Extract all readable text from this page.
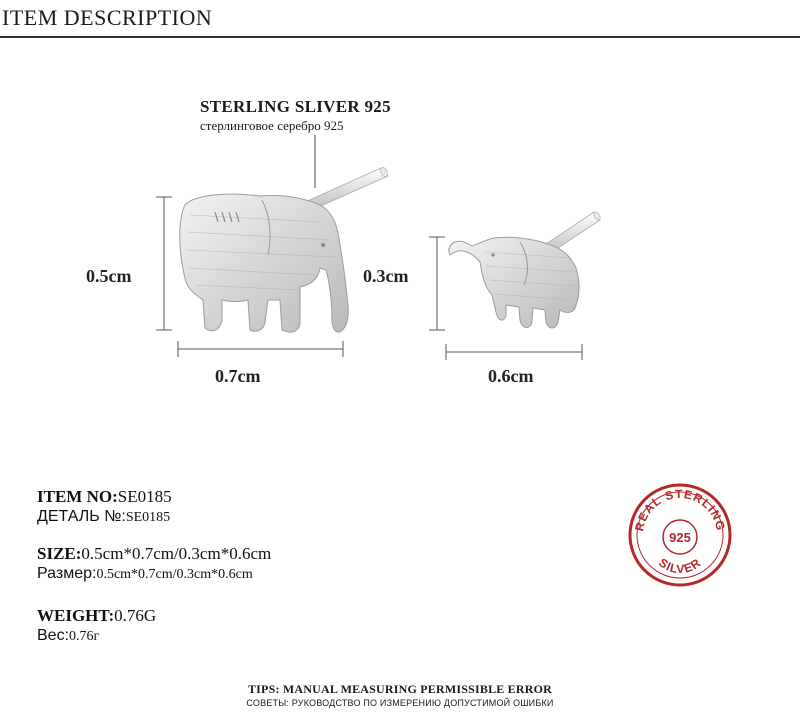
ITEM DESCRIPTION
STERLING SLIVER 925
стерлинговое серебро 925
0.5cm
0.7cm
0.3cm
0.6cm
ITEM NO:SE0185
ДЕТАЛЬ №:SE0185
SIZE:0.5cm*0.7cm/0.3cm*0.6cm
Размер:0.5cm*0.7cm/0.3cm*0.6cm
WEIGHT:0.76G
Вес:0.76г
REAL STERLING
925
SILVER
TIPS: MANUAL MEASURING PERMISSIBLE ERROR
СОВЕТЫ: РУКОВОДСТВО ПО ИЗМЕРЕНИЮ ДОПУСТИМОЙ ОШИБКИ
